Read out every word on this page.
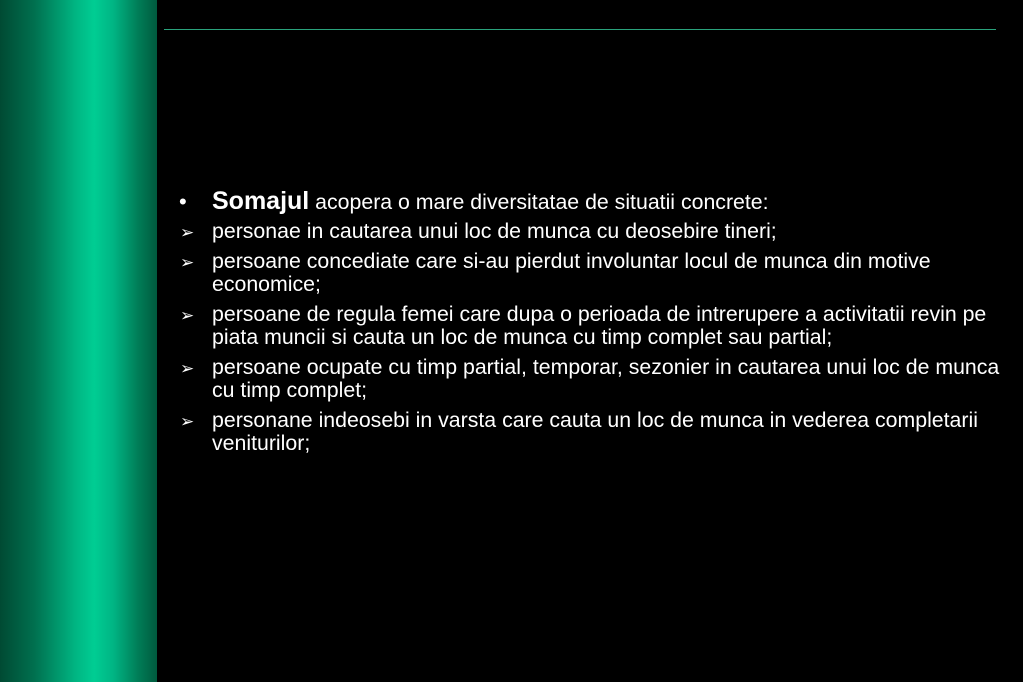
•	Somajul acopera o mare diversitatae de situatii concrete:
➢ personae in cautarea unui loc de munca cu deosebire tineri;
➢ persoane concediate care si-au pierdut involuntar locul de munca din motive economice;
➢ persoane de regula femei care dupa o perioada de intrerupere a activitatii revin pe piata muncii si cauta un loc de munca cu timp complet sau partial;
➢ persoane ocupate cu timp partial, temporar, sezonier in cautarea unui loc de munca cu timp complet;
➢ personane indeosebi in varsta care cauta un loc de munca in vederea completarii veniturilor;
